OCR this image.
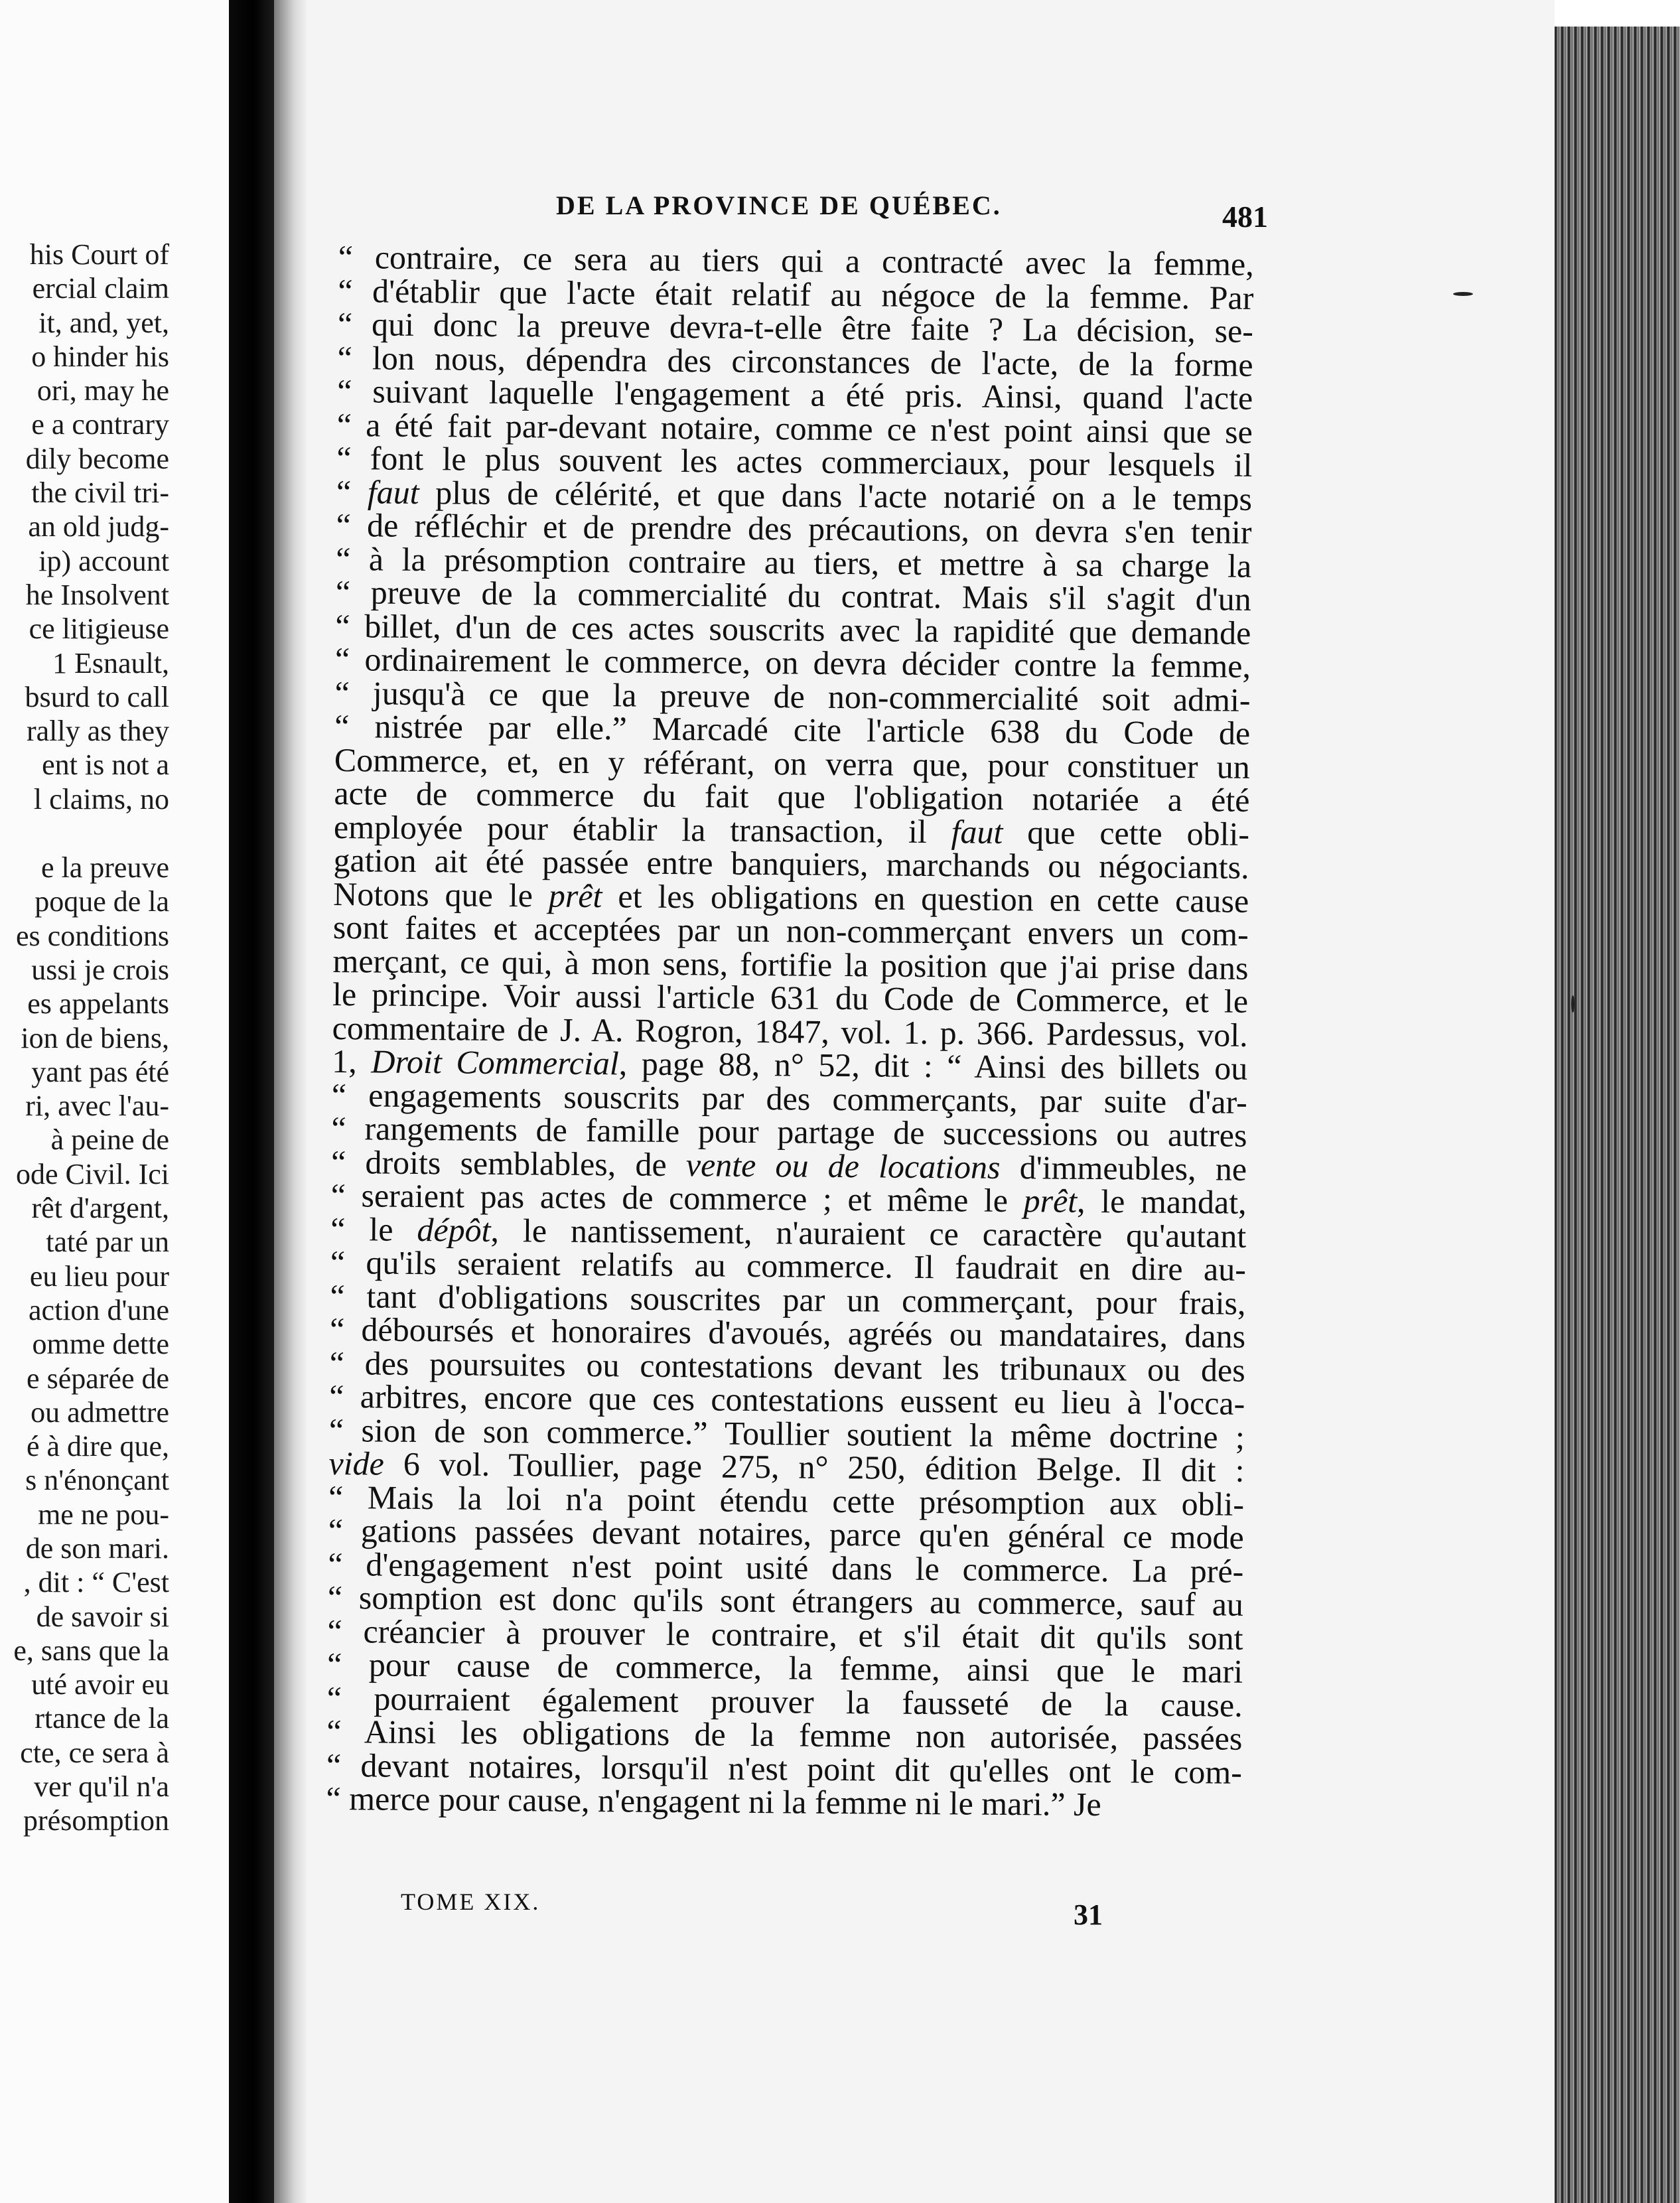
his Court of
ercial claim
it, and, yet,
o hinder his
ori, may he
e a contrary
dily become
the civil tri-
an old judg-
ip) account
he Insolvent
ce litigieuse
1 Esnault,
bsurd to call
rally as they
ent is not a
l claims, no
e la preuve
poque de la
es conditions
ussi je crois
es appelants
ion de biens,
yant pas été
ri, avec l'au-
à peine de
ode Civil. Ici
rêt d'argent,
taté par un
eu lieu pour
action d'une
omme dette
e séparée de
ou admettre
é à dire que,
s n'énonçant
me ne pou-
de son mari.
, dit : “ C'est
de savoir si
e, sans que la
uté avoir eu
rtance de la
cte, ce sera à
ver qu'il n'a
présomption
DE LA PROVINCE DE QUÉBEC.	481
“ contraire, ce sera au tiers qui a contracté avec la femme,
“ d'établir que l'acte était relatif au négoce de la femme. Par
“ qui donc la preuve devra-t-elle être faite ? La décision, se-
“ lon nous, dépendra des circonstances de l'acte, de la forme
“ suivant laquelle l'engagement a été pris. Ainsi, quand l'acte
“ a été fait par-devant notaire, comme ce n'est point ainsi que se
“ font le plus souvent les actes commerciaux, pour lesquels il
“ faut plus de célérité, et que dans l'acte notarié on a le temps
“ de réfléchir et de prendre des précautions, on devra s'en tenir
“ à la présomption contraire au tiers, et mettre à sa charge la
“ preuve de la commercialité du contrat. Mais s'il s'agit d'un
“ billet, d'un de ces actes souscrits avec la rapidité que demande
“ ordinairement le commerce, on devra décider contre la femme,
“ jusqu'à ce que la preuve de non-commercialité soit admi-
“ nistrée par elle.” Marcadé cite l'article 638 du Code de
Commerce, et, en y référant, on verra que, pour constituer un
acte de commerce du fait que l'obligation notariée a été
employée pour établir la transaction, il faut que cette obli-
gation ait été passée entre banquiers, marchands ou négociants.
Notons que le prêt et les obligations en question en cette cause
sont faites et acceptées par un non-commerçant envers un com-
merçant, ce qui, à mon sens, fortifie la position que j'ai prise dans
le principe. Voir aussi l'article 631 du Code de Commerce, et le
commentaire de J. A. Rogron, 1847, vol. 1. p. 366. Pardessus, vol.
1, Droit Commercial, page 88, n° 52, dit : “ Ainsi des billets ou
“ engagements souscrits par des commerçants, par suite d'ar-
“ rangements de famille pour partage de successions ou autres
“ droits semblables, de vente ou de locations d'immeubles, ne
“ seraient pas actes de commerce ; et même le prêt, le mandat,
“ le dépôt, le nantissement, n'auraient ce caractère qu'autant
“ qu'ils seraient relatifs au commerce. Il faudrait en dire au-
“ tant d'obligations souscrites par un commerçant, pour frais,
“ déboursés et honoraires d'avoués, agréés ou mandataires, dans
“ des poursuites ou contestations devant les tribunaux ou des
“ arbitres, encore que ces contestations eussent eu lieu à l'occa-
“ sion de son commerce.” Toullier soutient la même doctrine ;
vide 6 vol. Toullier, page 275, n° 250, édition Belge. Il dit :
“ Mais la loi n'a point étendu cette présomption aux obli-
“ gations passées devant notaires, parce qu'en général ce mode
“ d'engagement n'est point usité dans le commerce. La pré-
“ somption est donc qu'ils sont étrangers au commerce, sauf au
“ créancier à prouver le contraire, et s'il était dit qu'ils sont
“ pour cause de commerce, la femme, ainsi que le mari
“ pourraient également prouver la fausseté de la cause.
“ Ainsi les obligations de la femme non autorisée, passées
“ devant notaires, lorsqu'il n'est point dit qu'elles ont le com-
“ merce pour cause, n'engagent ni la femme ni le mari.” Je
TOME XIX.	31
